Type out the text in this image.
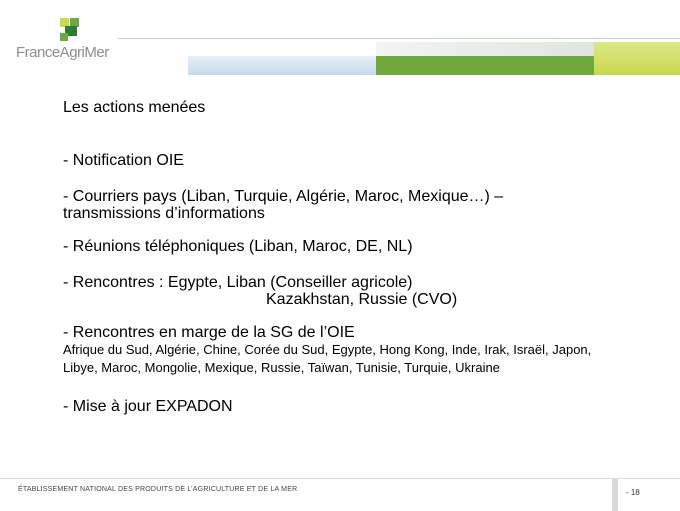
FranceAgriMer
Les actions menées
- Notification OIE
- Courriers pays (Liban, Turquie, Algérie, Maroc, Mexique…) –
transmissions d’informations
- Réunions téléphoniques (Liban, Maroc, DE, NL)
- Rencontres : Egypte, Liban (Conseiller agricole)
Kazakhstan, Russie (CVO)
- Rencontres en marge de la SG de l’OIE
Afrique du Sud, Algérie, Chine, Corée du Sud, Egypte, Hong Kong, Inde, Irak, Israël, Japon,
Libye, Maroc, Mongolie, Mexique, Russie, Taïwan, Tunisie, Turquie, Ukraine
- Mise à jour EXPADON
ÉTABLISSEMENT NATIONAL DES PRODUITS DE L’AGRICULTURE ET DE LA MER	- 18
